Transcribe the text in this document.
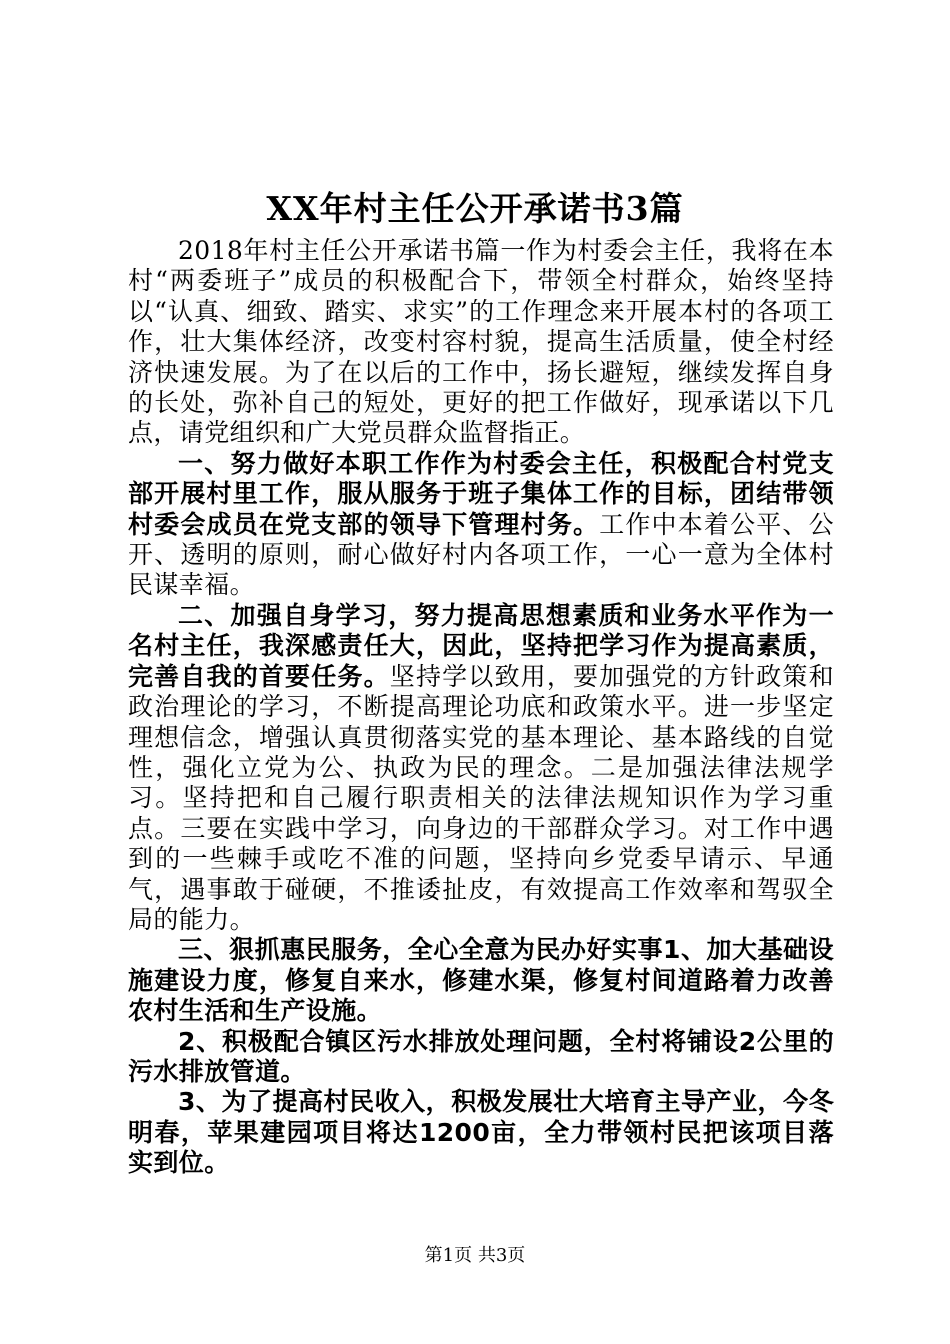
XX年村主任公开承诺书3篇

2018年村主任公开承诺书篇一作为村委会主任，我将在本村“两委班子”成员的积极配合下，带领全村群众，始终坚持以“认真、细致、踏实、求实”的工作理念来开展本村的各项工作，壮大集体经济，改变村容村貌，提高生活质量，使全村经济快速发展。为了在以后的工作中，扬长避短，继续发挥自身的长处，弥补自己的短处，更好的把工作做好，现承诺以下几点，请党组织和广大党员群众监督指正。

一、努力做好本职工作作为村委会主任，积极配合村党支部开展村里工作，服从服务于班子集体工作的目标，团结带领村委会成员在党支部的领导下管理村务。工作中本着公平、公开、透明的原则，耐心做好村内各项工作，一心一意为全体村民谋幸福。

二、加强自身学习，努力提高思想素质和业务水平作为一名村主任，我深感责任大，因此，坚持把学习作为提高素质，完善自我的首要任务。坚持学以致用，要加强党的方针政策和政治理论的学习，不断提高理论功底和政策水平。进一步坚定理想信念，增强认真贯彻落实党的基本理论、基本路线的自觉性，强化立党为公、执政为民的理念。二是加强法律法规学习。坚持把和自己履行职责相关的法律法规知识作为学习重点。三要在实践中学习，向身边的干部群众学习。对工作中遇到的一些棘手或吃不准的问题，坚持向乡党委早请示、早通气，遇事敢于碰硬，不推诿扯皮，有效提高工作效率和驾驭全局的能力。

三、狠抓惠民服务，全心全意为民办好实事1、加大基础设施建设力度，修复自来水，修建水渠，修复村间道路着力改善农村生活和生产设施。

2、积极配合镇区污水排放处理问题，全村将铺设2公里的污水排放管道。

3、为了提高村民收入，积极发展壮大培育主导产业，今冬明春，苹果建园项目将达1200亩，全力带领村民把该项目落实到位。

第1页 共3页
